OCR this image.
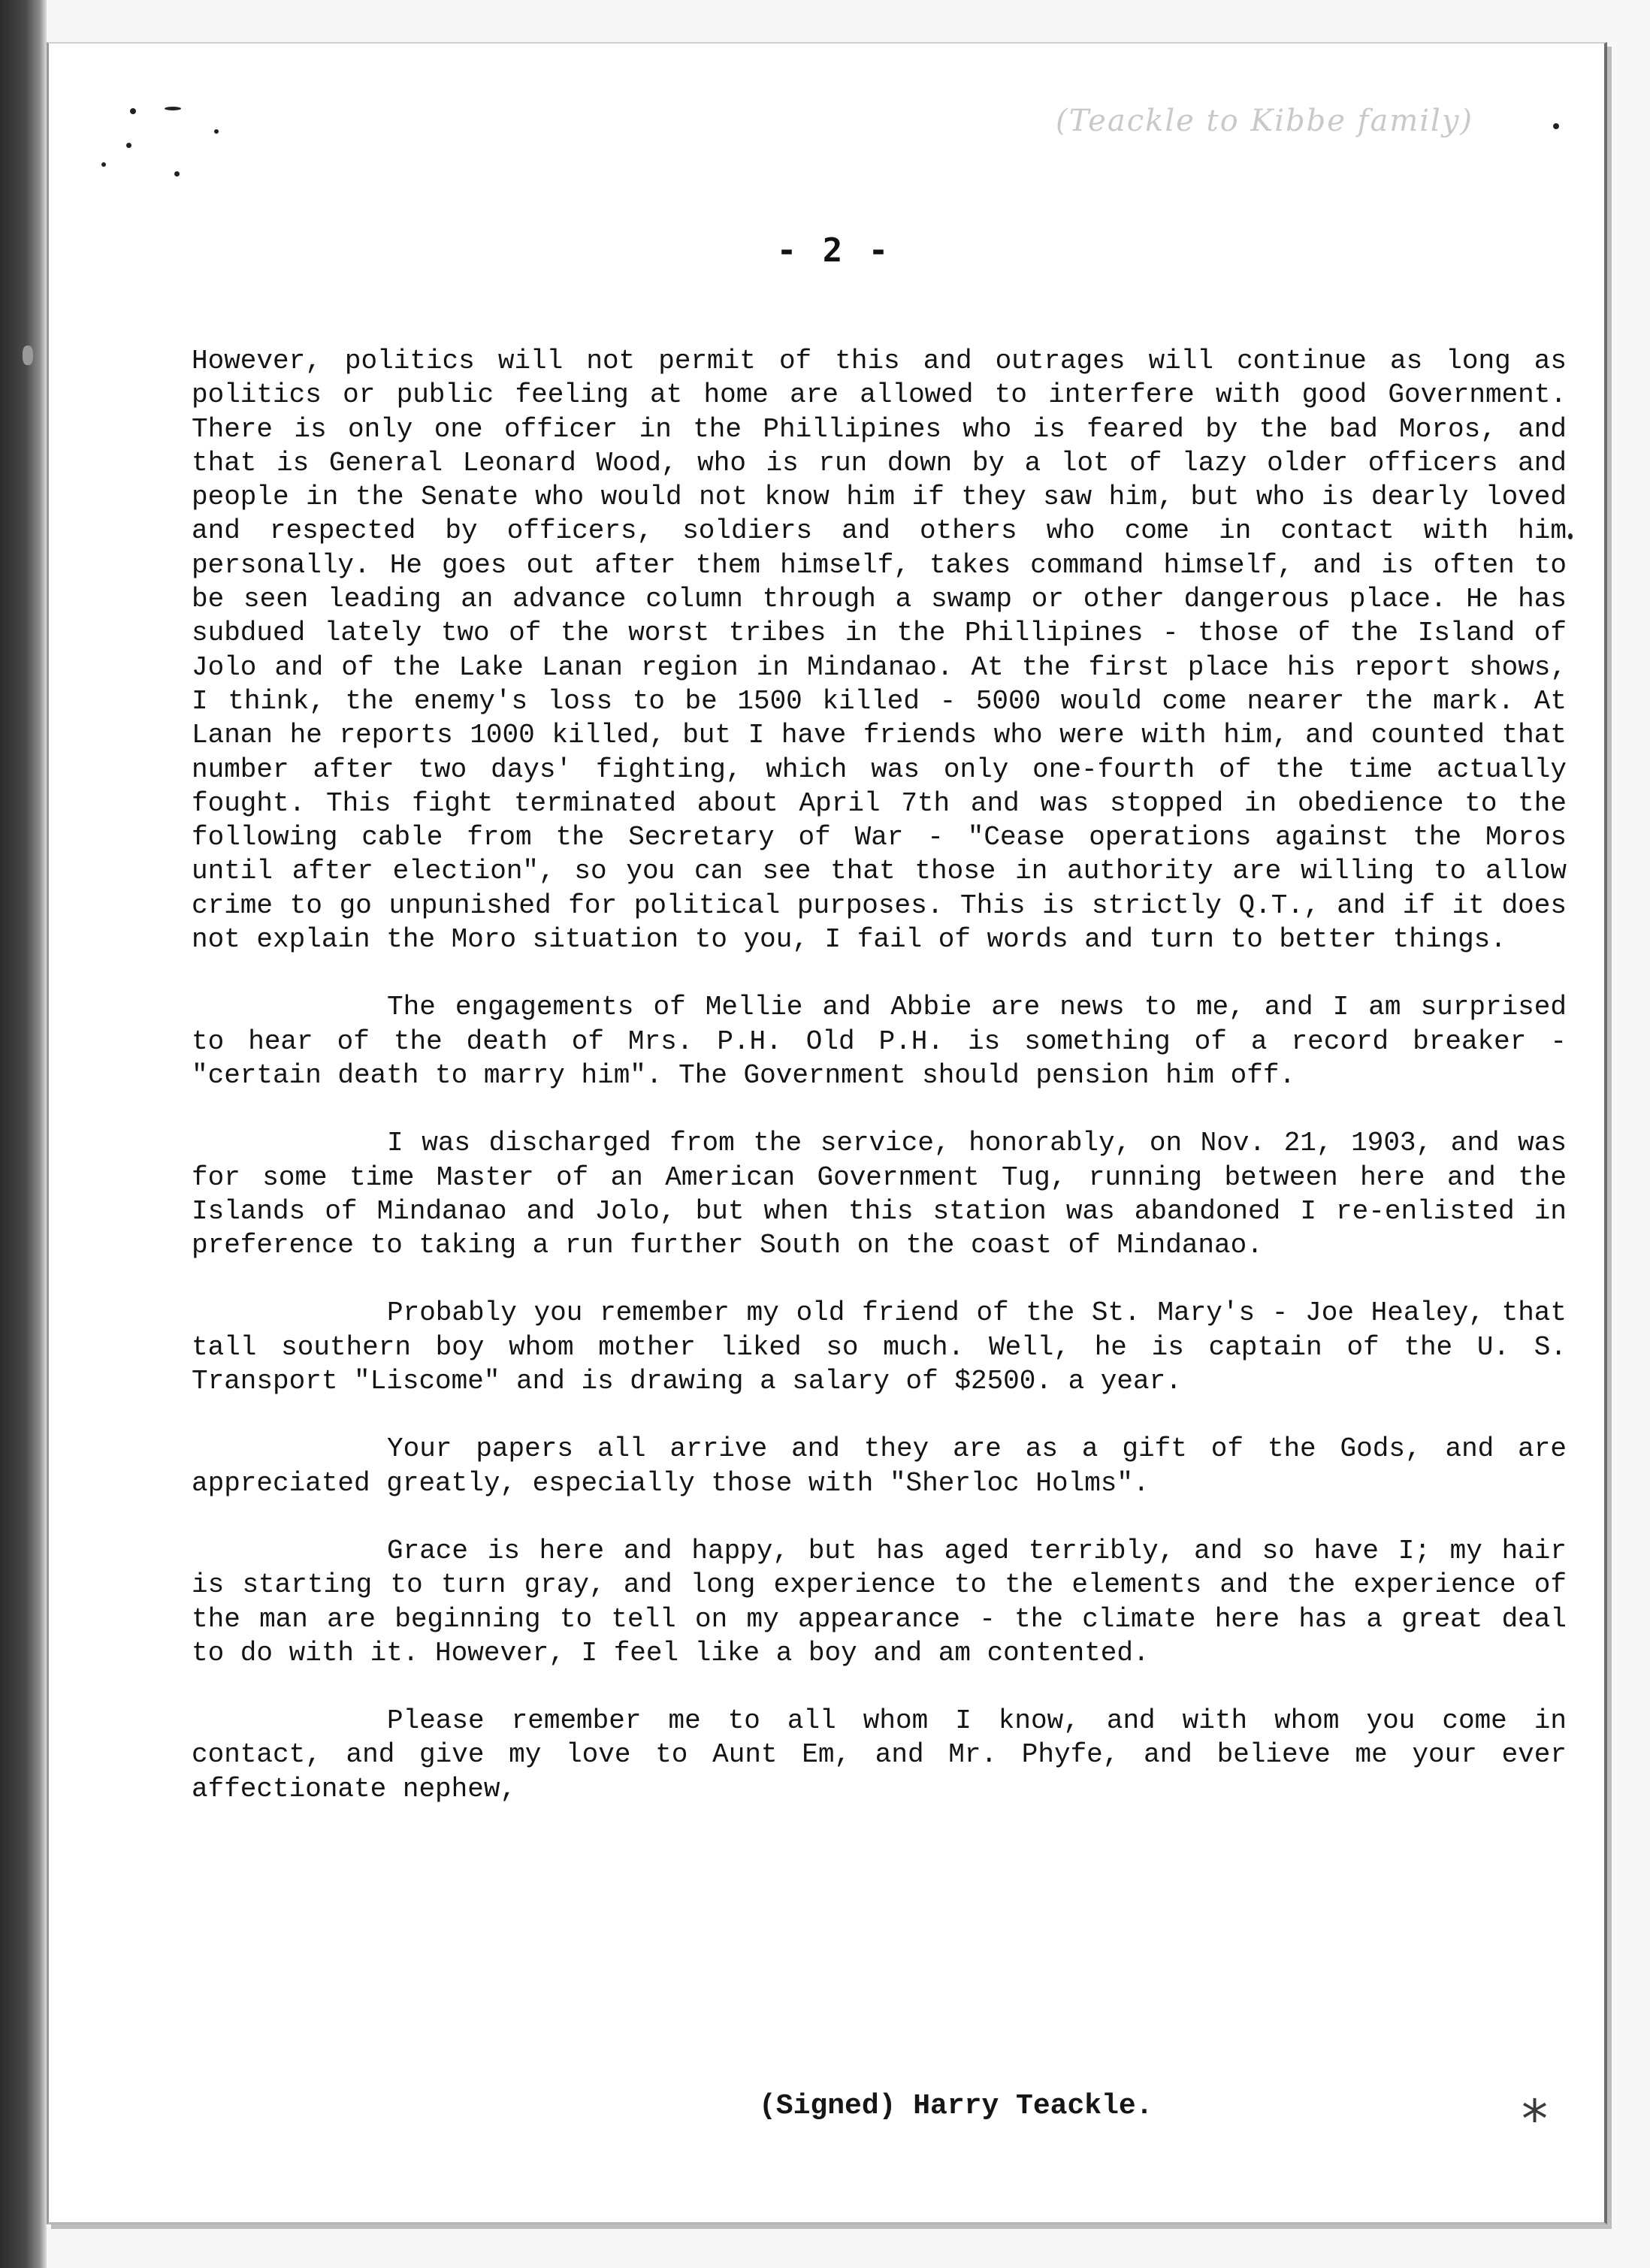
(Teackle to Kibbe family)
- 2 -

However, politics will not permit of this and outrages will continue as long as politics or public feeling at home are allowed to interfere with good Government. There is only one officer in the Phillipines who is feared by the bad Moros, and that is General Leonard Wood, who is run down by a lot of lazy older officers and people in the Senate who would not know him if they saw him, but who is dearly loved and respected by officers, soldiers and others who come in contact with him personally. He goes out after them himself, takes command himself, and is often to be seen leading an advance column through a swamp or other dangerous place. He has subdued lately two of the worst tribes in the Phillipines - those of the Island of Jolo and of the Lake Lanan region in Mindanao. At the first place his report shows, I think, the enemy's loss to be 1500 killed - 5000 would come nearer the mark. At Lanan he reports 1000 killed, but I have friends who were with him, and counted that number after two days' fighting, which was only one-fourth of the time actually fought. This fight terminated about April 7th and was stopped in obedience to the following cable from the Secretary of War - "Cease operations against the Moros until after election", so you can see that those in authority are willing to allow crime to go unpunished for political purposes. This is strictly Q.T., and if it does not explain the Moro situation to you, I fail of words and turn to better things.

The engagements of Mellie and Abbie are news to me, and I am surprised to hear of the death of Mrs. P.H. Old P.H. is something of a record breaker -"certain death to marry him". The Government should pension him off.

I was discharged from the service, honorably, on Nov. 21, 1903, and was for some time Master of an American Government Tug, running between here and the Islands of Mindanao and Jolo, but when this station was abandoned I re-enlisted in preference to taking a run further South on the coast of Mindanao.

Probably you remember my old friend of the St. Mary's - Joe Healey, that tall southern boy whom mother liked so much. Well, he is captain of the U. S. Transport "Liscome" and is drawing a salary of $2500. a year.

Your papers all arrive and they are as a gift of the Gods, and are appreciated greatly, especially those with "Sherloc Holms".

Grace is here and happy, but has aged terribly, and so have I; my hair is starting to turn gray, and long experience to the elements and the experience of the man are beginning to tell on my appearance - the climate here has a great deal to do with it. However, I feel like a boy and am contented.

Please remember me to all whom I know, and with whom you come in contact, and give my love to Aunt Em, and Mr. Phyfe, and believe me your ever affectionate nephew,

(Signed) Harry Teackle.	⁎
